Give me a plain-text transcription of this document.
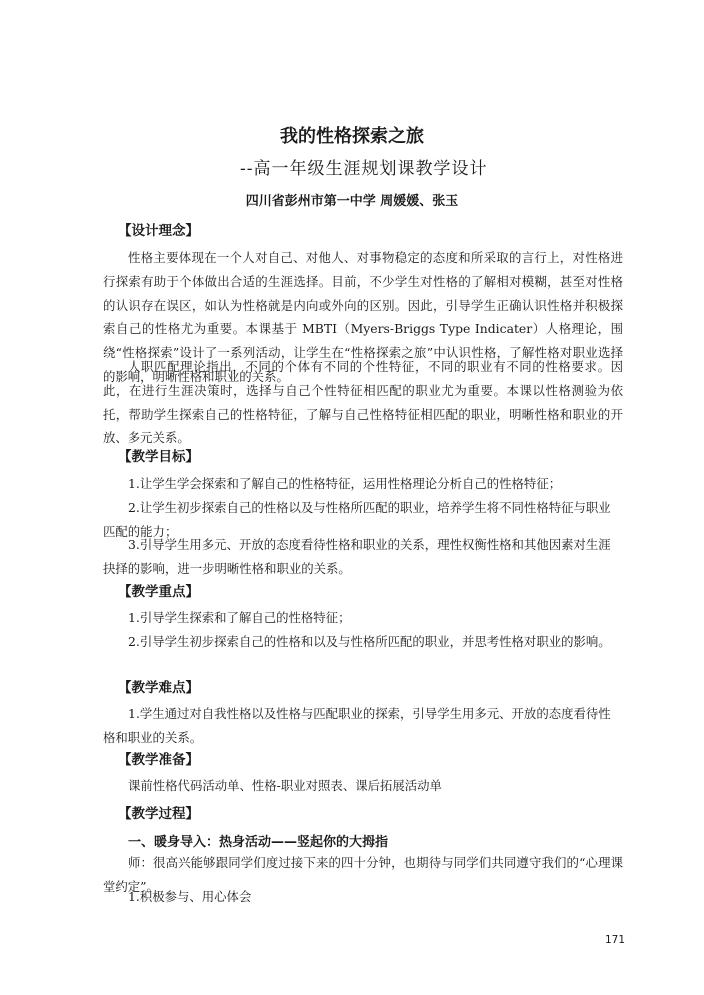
我的性格探索之旅
--高一年级生涯规划课教学设计
四川省彭州市第一中学 周媛媛、张玉
【设计理念】

性格主要体现在一个人对自己、对他人、对事物稳定的态度和所采取的言行上，对性格进行探索有助于个体做出合适的生涯选择。目前，不少学生对性格的了解相对模糊，甚至对性格的认识存在误区，如认为性格就是内向或外向的区别。因此，引导学生正确认识性格并积极探索自己的性格尤为重要。本课基于 MBTI（Myers-Briggs Type Indicater）人格理论，围绕“性格探索”设计了一系列活动，让学生在“性格探索之旅”中认识性格，了解性格对职业选择的影响，明晰性格和职业的关系。

人职匹配理论指出，不同的个体有不同的个性特征，不同的职业有不同的性格要求。因此，在进行生涯决策时，选择与自己个性特征相匹配的职业尤为重要。本课以性格测验为依托，帮助学生探索自己的性格特征，了解与自己性格特征相匹配的职业，明晰性格和职业的开放、多元关系。

【教学目标】

1.让学生学会探索和了解自己的性格特征，运用性格理论分析自己的性格特征；

2.让学生初步探索自己的性格以及与性格所匹配的职业，培养学生将不同性格特征与职业匹配的能力；

3.引导学生用多元、开放的态度看待性格和职业的关系，理性权衡性格和其他因素对生涯抉择的影响，进一步明晰性格和职业的关系。

【教学重点】

1.引导学生探索和了解自己的性格特征；

2.引导学生初步探索自己的性格和以及与性格所匹配的职业，并思考性格对职业的影响。

【教学难点】

1.学生通过对自我性格以及性格与匹配职业的探索，引导学生用多元、开放的态度看待性格和职业的关系。

【教学准备】

课前性格代码活动单、性格-职业对照表、课后拓展活动单

【教学过程】
一、暖身导入：热身活动——竖起你的大拇指

师：很高兴能够跟同学们度过接下来的四十分钟，也期待与同学们共同遵守我们的“心理课堂约定”。

1.积极参与、用心体会

171
